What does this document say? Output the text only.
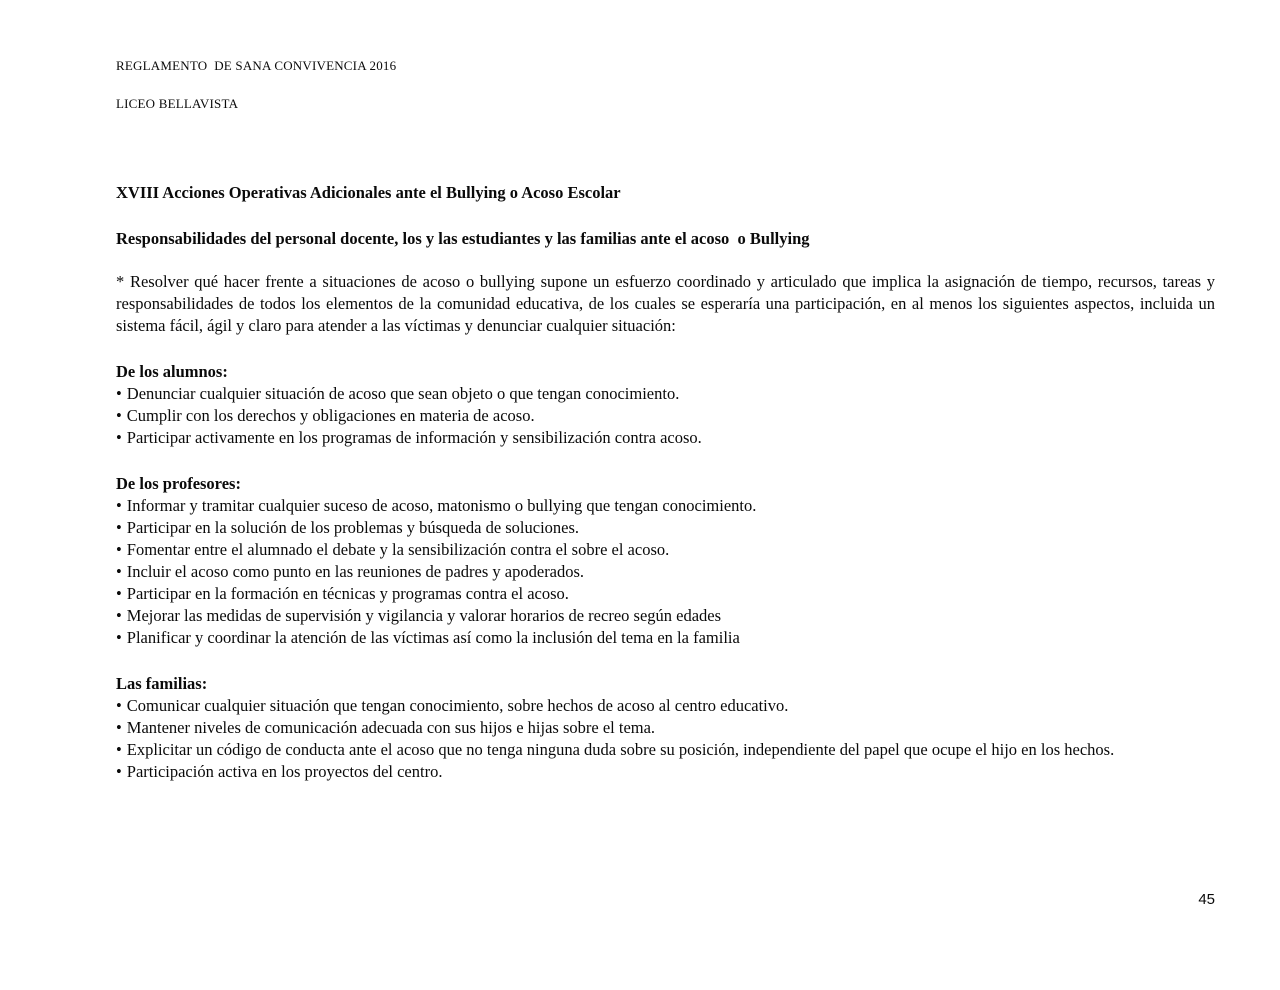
REGLAMENTO  DE SANA CONVIVENCIA 2016

LICEO BELLAVISTA

XVIII Acciones Operativas Adicionales ante el Bullying o Acoso Escolar
Responsabilidades del personal docente, los y las estudiantes y las familias ante el acoso  o Bullying

* Resolver qué hacer frente a situaciones de acoso o bullying supone un esfuerzo coordinado y articulado que implica la asignación de tiempo, recursos, tareas y responsabilidades de todos los elementos de la comunidad educativa, de los cuales se esperaría una participación, en al menos los siguientes aspectos, incluida un sistema fácil, ágil y claro para atender a las víctimas y denunciar cualquier situación:

De los alumnos:
• Denunciar cualquier situación de acoso que sean objeto o que tengan conocimiento.
• Cumplir con los derechos y obligaciones en materia de acoso.
• Participar activamente en los programas de información y sensibilización contra acoso.
De los profesores:
• Informar y tramitar cualquier suceso de acoso, matonismo o bullying que tengan conocimiento.
• Participar en la solución de los problemas y búsqueda de soluciones.
• Fomentar entre el alumnado el debate y la sensibilización contra el sobre el acoso.
• Incluir el acoso como punto en las reuniones de padres y apoderados.
• Participar en la formación en técnicas y programas contra el acoso.
• Mejorar las medidas de supervisión y vigilancia y valorar horarios de recreo según edades
• Planificar y coordinar la atención de las víctimas así como la inclusión del tema en la familia
Las familias:
• Comunicar cualquier situación que tengan conocimiento, sobre hechos de acoso al centro educativo.
• Mantener niveles de comunicación adecuada con sus hijos e hijas sobre el tema.
• Explicitar un código de conducta ante el acoso que no tenga ninguna duda sobre su posición, independiente del papel que ocupe el hijo en los hechos.
• Participación activa en los proyectos del centro.
45
